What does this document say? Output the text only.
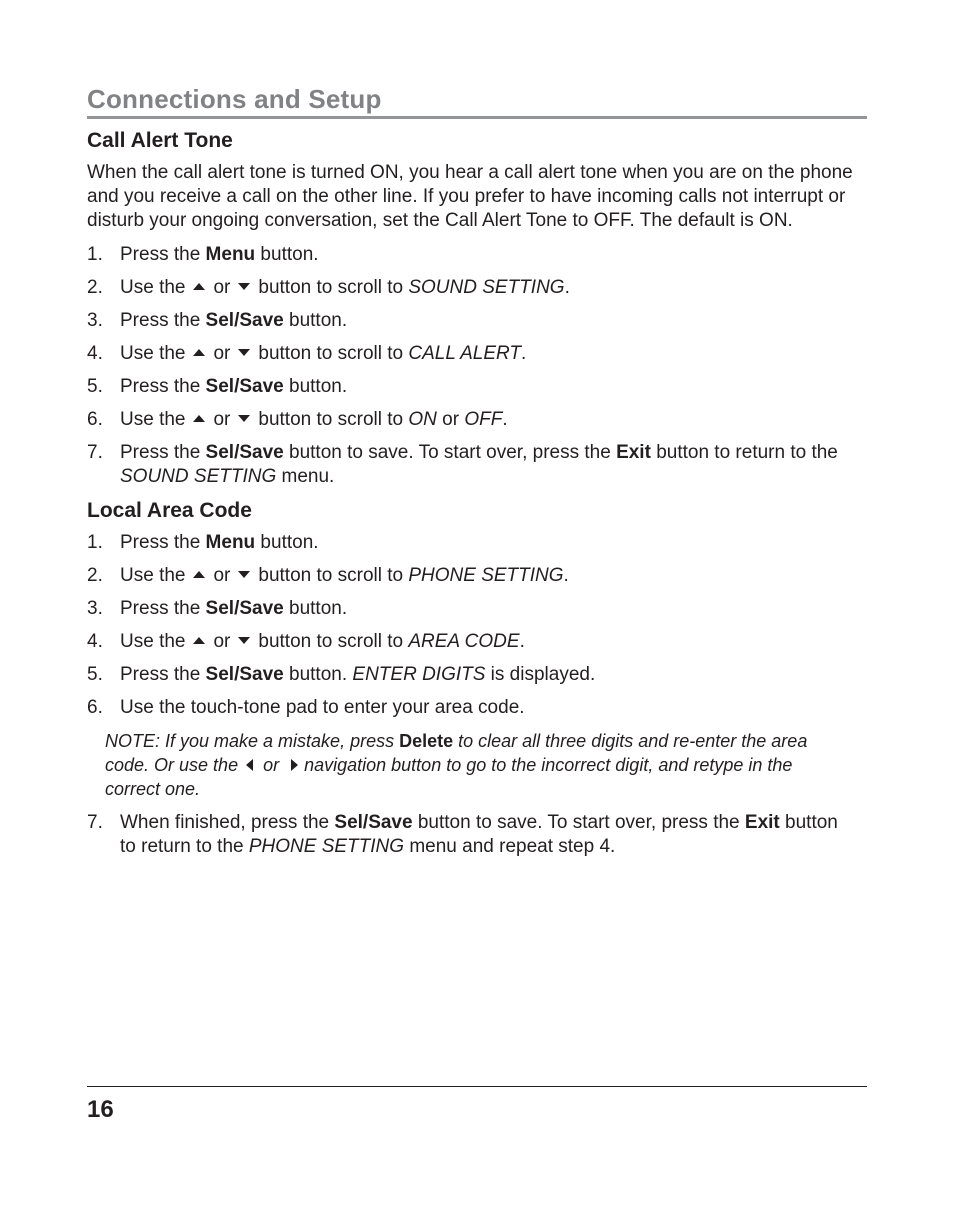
Connections and Setup
Call Alert Tone

When the call alert tone is turned ON, you hear a call alert tone when you are on the phone and you receive a call on the other line. If you prefer to have incoming calls not interrupt or disturb your ongoing conversation, set the Call Alert Tone to OFF. The default is ON.

1. Press the Menu button.
2. Use the or button to scroll to SOUND SETTING.
3. Press the Sel/Save button.
4. Use the or button to scroll to CALL ALERT.
5. Press the Sel/Save button.
6. Use the or button to scroll to ON or OFF.
7. Press the Sel/Save button to save. To start over, press the Exit button to return to the
SOUND SETTING menu.
Local Area Code
1. Press the Menu button.
2. Use the or button to scroll to PHONE SETTING.
3. Press the Sel/Save button.
4. Use the or button to scroll to AREA CODE.
5. Press the Sel/Save button. ENTER DIGITS is displayed.
6. Use the touch-tone pad to enter your area code.

NOTE: If you make a mistake, press Delete to clear all three digits and re-enter the area code. Or use the or navigation button to go to the incorrect digit, and retype in the correct one.

7. When finished, press the Sel/Save button to save. To start over, press the Exit button
to return to the PHONE SETTING menu and repeat step 4.
16
